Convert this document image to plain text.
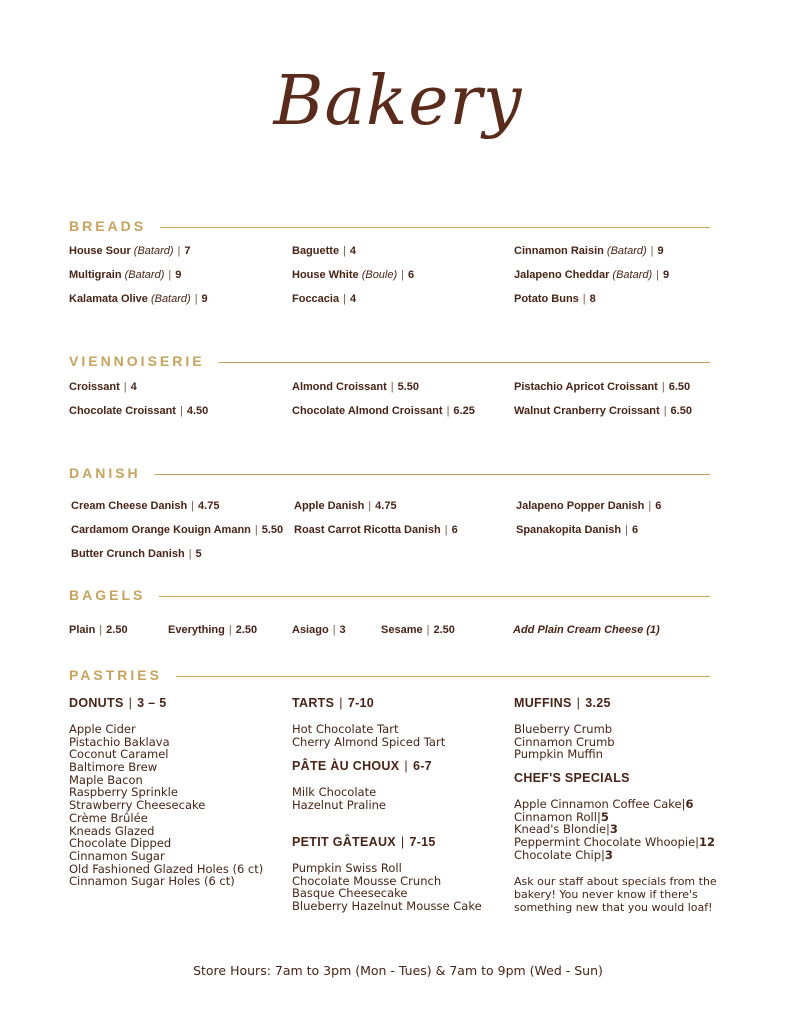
Bakery
BREADS
House Sour (Batard) | 7
Multigrain (Batard) | 9
Kalamata Olive (Batard) | 9
Baguette | 4
House White (Boule) | 6
Foccacia | 4
Cinnamon Raisin (Batard) | 9
Jalapeno Cheddar (Batard) | 9
Potato Buns | 8
VIENNOISERIE
Croissant | 4
Chocolate Croissant | 4.50
Almond Croissant | 5.50
Chocolate Almond Croissant | 6.25
Pistachio Apricot Croissant | 6.50
Walnut Cranberry Croissant | 6.50
DANISH
Cream Cheese Danish | 4.75
Cardamom Orange Kouign Amann | 5.50
Butter Crunch Danish | 5
Apple Danish | 4.75
Roast Carrot Ricotta Danish | 6
Jalapeno Popper Danish | 6
Spanakopita Danish | 6
BAGELS
Plain | 2.50	Everything | 2.50	Asiago | 3	Sesame | 2.50	Add Plain Cream Cheese (1)
PASTRIES
DONUTS | 3 – 5
Apple Cider
Pistachio Baklava
Coconut Caramel
Baltimore Brew
Maple Bacon
Raspberry Sprinkle
Strawberry Cheesecake
Crème Brûlée
Kneads Glazed
Chocolate Dipped
Cinnamon Sugar
Old Fashioned Glazed Holes (6 ct)
Cinnamon Sugar Holes (6 ct)
TARTS | 7-10
Hot Chocolate Tart
Cherry Almond Spiced Tart
PÂTE ÀU CHOUX | 6-7
Milk Chocolate
Hazelnut Praline
PETIT GÂTEAUX | 7-15
Pumpkin Swiss Roll
Chocolate Mousse Crunch
Basque Cheesecake
Blueberry Hazelnut Mousse Cake
MUFFINS | 3.25
Blueberry Crumb
Cinnamon Crumb
Pumpkin Muffin
CHEF'S SPECIALS
Apple Cinnamon Coffee Cake|6
Cinnamon Roll|5
Knead's Blondie|3
Peppermint Chocolate Whoopie|12
Chocolate Chip|3
Ask our staff about specials from the bakery! You never know if there's something new that you would loaf!
Store Hours: 7am to 3pm (Mon - Tues) & 7am to 9pm (Wed - Sun)
